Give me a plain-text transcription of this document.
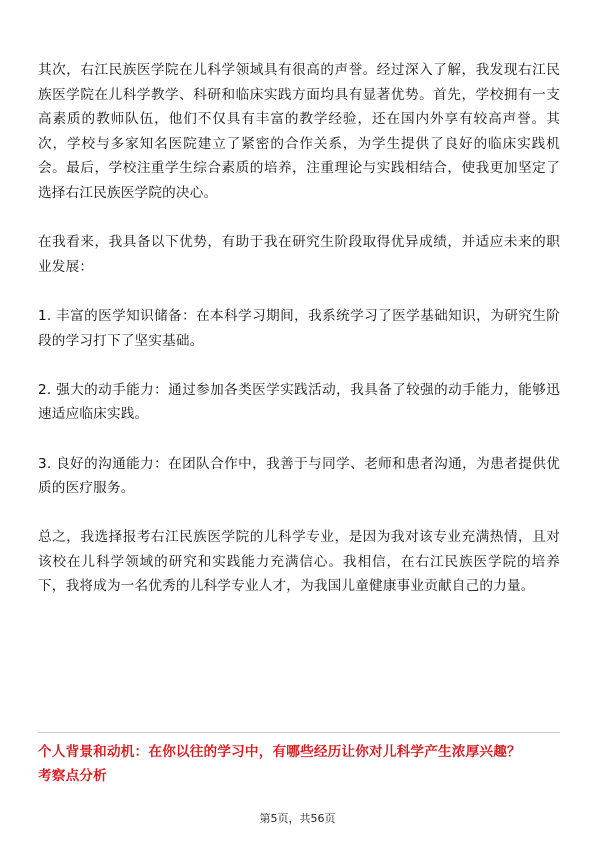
其次，右江民族医学院在儿科学领域具有很高的声誉。经过深入了解，我发现右江民族医学院在儿科学教学、科研和临床实践方面均具有显著优势。首先，学校拥有一支高素质的教师队伍，他们不仅具有丰富的教学经验，还在国内外享有较高声誉。其次，学校与多家知名医院建立了紧密的合作关系，为学生提供了良好的临床实践机会。最后，学校注重学生综合素质的培养，注重理论与实践相结合，使我更加坚定了选择右江民族医学院的决心。

在我看来，我具备以下优势，有助于我在研究生阶段取得优异成绩，并适应未来的职业发展：

1. 丰富的医学知识储备：在本科学习期间，我系统学习了医学基础知识，为研究生阶段的学习打下了坚实基础。

2. 强大的动手能力：通过参加各类医学实践活动，我具备了较强的动手能力，能够迅速适应临床实践。

3. 良好的沟通能力：在团队合作中，我善于与同学、老师和患者沟通，为患者提供优质的医疗服务。

总之，我选择报考右江民族医学院的儿科学专业，是因为我对该专业充满热情，且对该校在儿科学领域的研究和实践能力充满信心。我相信，在右江民族医学院的培养下，我将成为一名优秀的儿科学专业人才，为我国儿童健康事业贡献自己的力量。

个人背景和动机：在你以往的学习中，有哪些经历让你对儿科学产生浓厚兴趣？

考察点分析

第5页，共56页
